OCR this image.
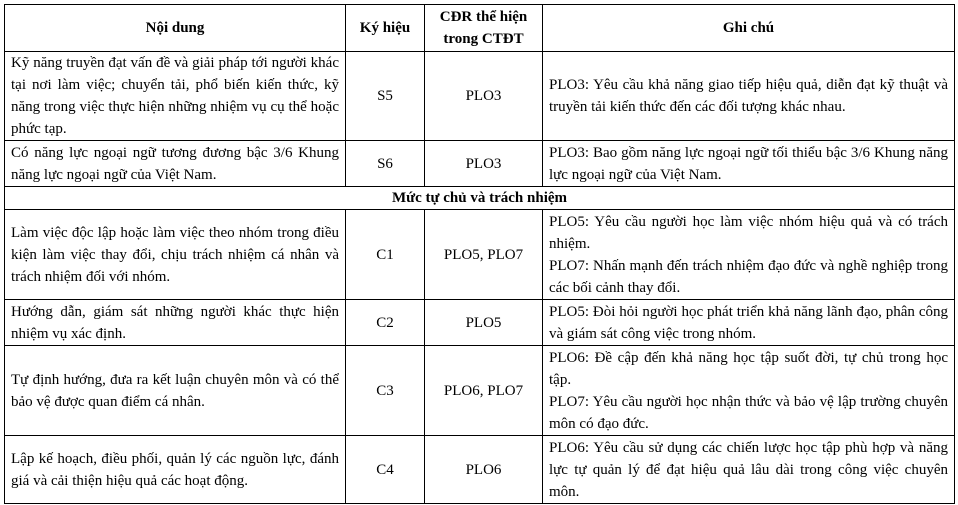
Nội dung	Ký hiệu	CĐR thể hiện trong CTĐT	Ghi chú
Kỹ năng truyền đạt vấn đề và giải pháp tới người khác tại nơi làm việc; chuyển tải, phổ biến kiến thức, kỹ năng trong việc thực hiện những nhiệm vụ cụ thể hoặc phức tạp.	S5	PLO3	PLO3: Yêu cầu khả năng giao tiếp hiệu quả, diễn đạt kỹ thuật và truyền tải kiến thức đến các đối tượng khác nhau.

Có năng lực ngoại ngữ tương đương bậc 3/6 Khung năng lực ngoại ngữ của Việt Nam.	S6	PLO3	PLO3: Bao gồm năng lực ngoại ngữ tối thiểu bậc 3/6 Khung năng lực ngoại ngữ của Việt Nam.

Mức tự chủ và trách nhiệm			
Làm việc độc lập hoặc làm việc theo nhóm trong điều kiện làm việc thay đổi, chịu trách nhiệm cá nhân và trách nhiệm đối với nhóm.	C1	PLO5, PLO7	PLO5: Yêu cầu người học làm việc nhóm hiệu quả và có trách nhiệm.
PLO7: Nhấn mạnh đến trách nhiệm đạo đức và nghề nghiệp trong các bối cảnh thay đổi.

Hướng dẫn, giám sát những người khác thực hiện nhiệm vụ xác định.	C2	PLO5	PLO5: Đòi hỏi người học phát triển khả năng lãnh đạo, phân công và giám sát công việc trong nhóm.

Tự định hướng, đưa ra kết luận chuyên môn và có thể bảo vệ được quan điểm cá nhân.	C3	PLO6, PLO7	PLO6: Đề cập đến khả năng học tập suốt đời, tự chủ trong học tập.
PLO7: Yêu cầu người học nhận thức và bảo vệ lập trường chuyên môn có đạo đức.

Lập kế hoạch, điều phối, quản lý các nguồn lực, đánh giá và cải thiện hiệu quả các hoạt động.	C4	PLO6	PLO6: Yêu cầu sử dụng các chiến lược học tập phù hợp và năng lực tự quản lý để đạt hiệu quả lâu dài trong công việc chuyên môn.
